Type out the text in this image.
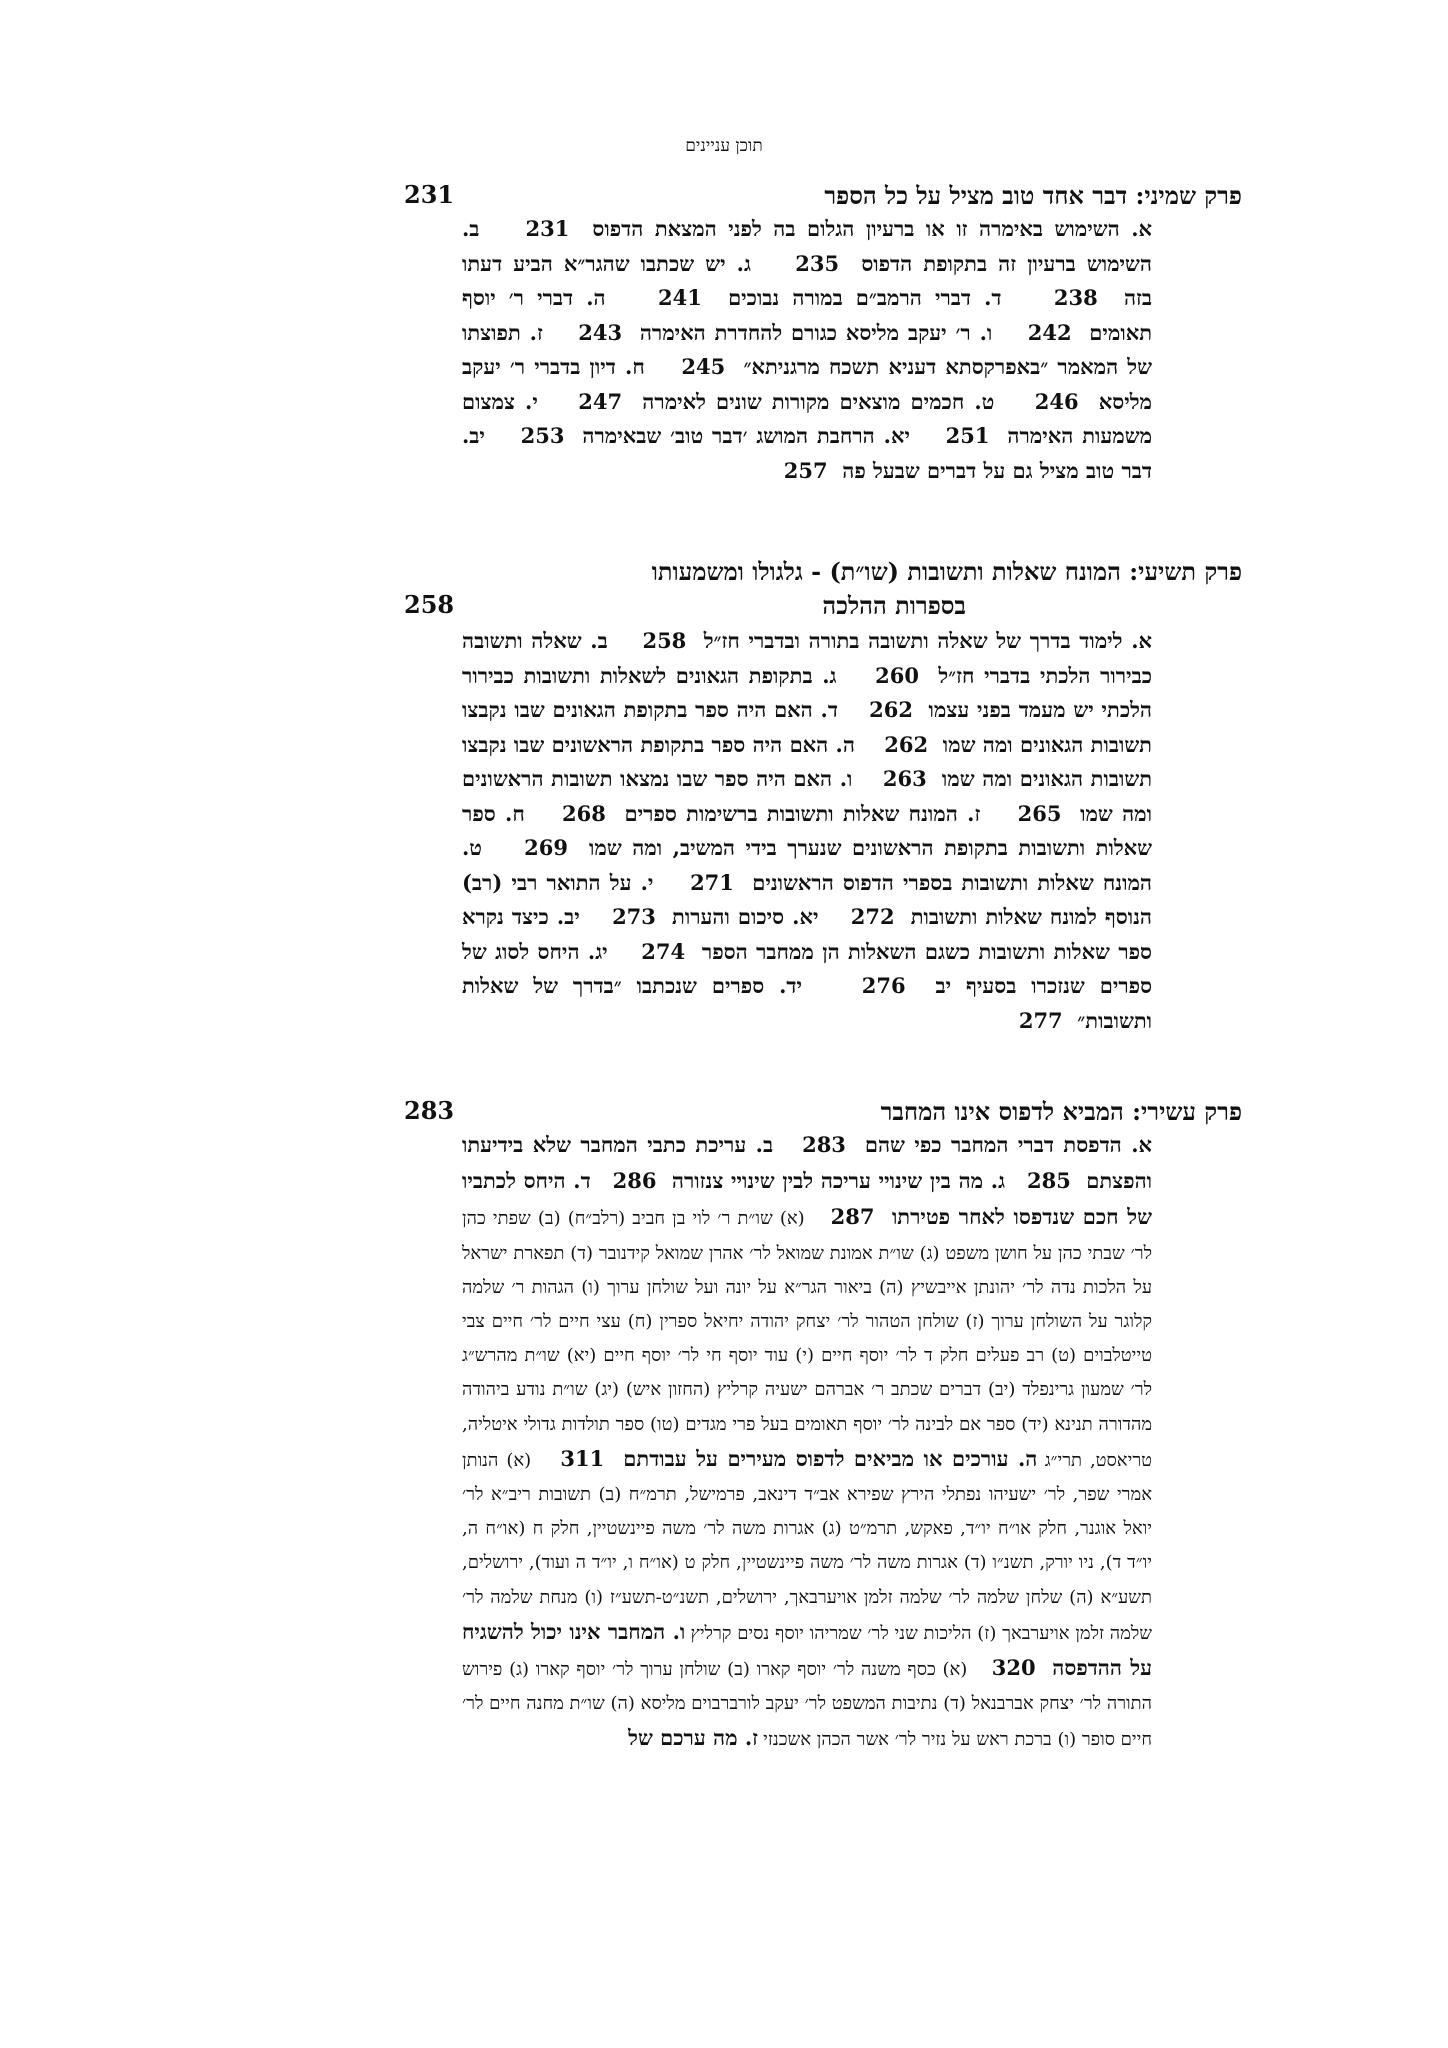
תוכן עניינים
פרק שמיני: דבר אחד טוב מציל על כל הספר
231
א. השימוש באימרה זו או ברעיון הגלום בה לפני המצאת הדפוס  231    ב. השימוש ברעיון זה בתקופת הדפוס  235    ג. יש שכתבו שהגר״א הביע דעתו בזה  238    ד. דברי הרמב״ם במורה נבוכים  241    ה. דברי ר׳ יוסף תאומים  242    ו. ר׳ יעקב מליסא כגורם להחדרת האימרה  243    ז. תפוצתו של המאמר ״באפרקסתא דעניא תשכח מרגניתא״  245    ח. דיון בדברי ר׳ יעקב מליסא  246    ט. חכמים מוצאים מקורות שונים לאימרה  247    י. צמצום משמעות האימרה  251    יא. הרחבת המושג ׳דבר טוב׳ שבאימרה  253    יב. דבר טוב מציל גם על דברים שבעל פה  257
פרק תשיעי: המונח שאלות ותשובות (שו״ת) - גלגולו ומשמעותו
בספרות ההלכה
258
א. לימוד בדרך של שאלה ותשובה בתורה ובדברי חז״ל  258    ב. שאלה ותשובה כבירור הלכתי בדברי חז״ל  260    ג. בתקופת הגאונים לשאלות ותשובות כבירור הלכתי יש מעמד בפני עצמו  262    ד. האם היה ספר בתקופת הגאונים שבו נקבצו תשובות הגאונים ומה שמו  262    ה. האם היה ספר בתקופת הראשונים שבו נקבצו תשובות הגאונים ומה שמו  263    ו. האם היה ספר שבו נמצאו תשובות הראשונים ומה שמו  265    ז. המונח שאלות ותשובות ברשימות ספרים  268    ח. ספר שאלות ותשובות בתקופת הראשונים שנערך בידי המשיב, ומה שמו  269    ט. המונח שאלות ותשובות בספרי הדפוס הראשונים  271    י. על התואר רבי (רב) הנוסף למונח שאלות ותשובות  272    יא. סיכום והערות  273    יב. כיצד נקרא ספר שאלות ותשובות כשגם השאלות הן ממחבר הספר  274    יג. היחס לסוג של ספרים שנזכרו בסעיף יב  276    יד. ספרים שנכתבו ״בדרך של שאלות ותשובות״  277
פרק עשירי: המביא לדפוס אינו המחבר
283
א. הדפסת דברי המחבר כפי שהם  283    ב. עריכת כתבי המחבר שלא בידיעתו והפצתם  285    ג. מה בין שינויי עריכה לבין שינויי צנזורה  286    ד. היחס לכתביו של חכם שנדפסו לאחר פטירתו  287    (א) שו״ת ר׳ לוי בן חביב (רלב״ח) (ב) שפתי כהן לר׳ שבתי כהן על חושן משפט (ג) שו״ת אמונת שמואל לר׳ אהרן שמואל קידנובר (ד) תפארת ישראל על הלכות נדה לר׳ יהונתן אייבשיץ (ה) ביאור הגר״א על יונה ועל שולחן ערוך (ו) הגהות ר׳ שלמה קלוגר על השולחן ערוך (ז) שולחן הטהור לר׳ יצחק יהודה יחיאל ספרין (ח) עצי חיים לר׳ חיים צבי טייטלבוים (ט) רב פעלים חלק ד לר׳ יוסף חיים (י) עוד יוסף חי לר׳ יוסף חיים (יא) שו״ת מהרש״ג לר׳ שמעון גרינפלד (יב) דברים שכתב ר׳ אברהם ישעיה קרליץ (החזון איש) (יג) שו״ת נודע ביהודה מהדורה תנינא (יד) ספר אם לבינה לר׳ יוסף תאומים בעל פרי מגדים (טו) ספר תולדות גדולי איטליה, טריאסט, תרי״ג ה. עורכים או מביאים לדפוס מעירים על עבודתם  311    (א) הנותן אמרי שפר, לר׳ ישעיהו נפתלי הירץ שפירא אב״ד דינאב, פרמישל, תרמ״ח (ב) תשובות ריב״א לר׳ יואל אוגנר, חלק או״ח יו״ד, פאקש, תרמ״ט (ג) אגרות משה לר׳ משה פיינשטיין, חלק ח (או״ח ה, יו״ד ד), ניו יורק, תשנ״ו (ד) אגרות משה לר׳ משה פיינשטיין, חלק ט (או״ח ו, יו״ד ה ועוד), ירושלים, תשע״א (ה) שלחן שלמה לר׳ שלמה זלמן אויערבאך, ירושלים, תשנ״ט-תשע״ז (ו) מנחת שלמה לר׳ שלמה זלמן אויערבאך (ז) הליכות שני לר׳ שמריהו יוסף נסים קרליץ ו. המחבר אינו יכול להשגיח על ההדפסה  320    (א) כסף משנה לר׳ יוסף קארו (ב) שולחן ערוך לר׳ יוסף קארו (ג) פירוש התורה לר׳ יצחק אברבנאל (ד) נתיבות המשפט לר׳ יעקב לורברבוים מליסא (ה) שו״ת מחנה חיים לר׳ חיים סופר (ו) ברכת ראש על נזיר לר׳ אשר הכהן אשכנזי ז. מה ערכם של
